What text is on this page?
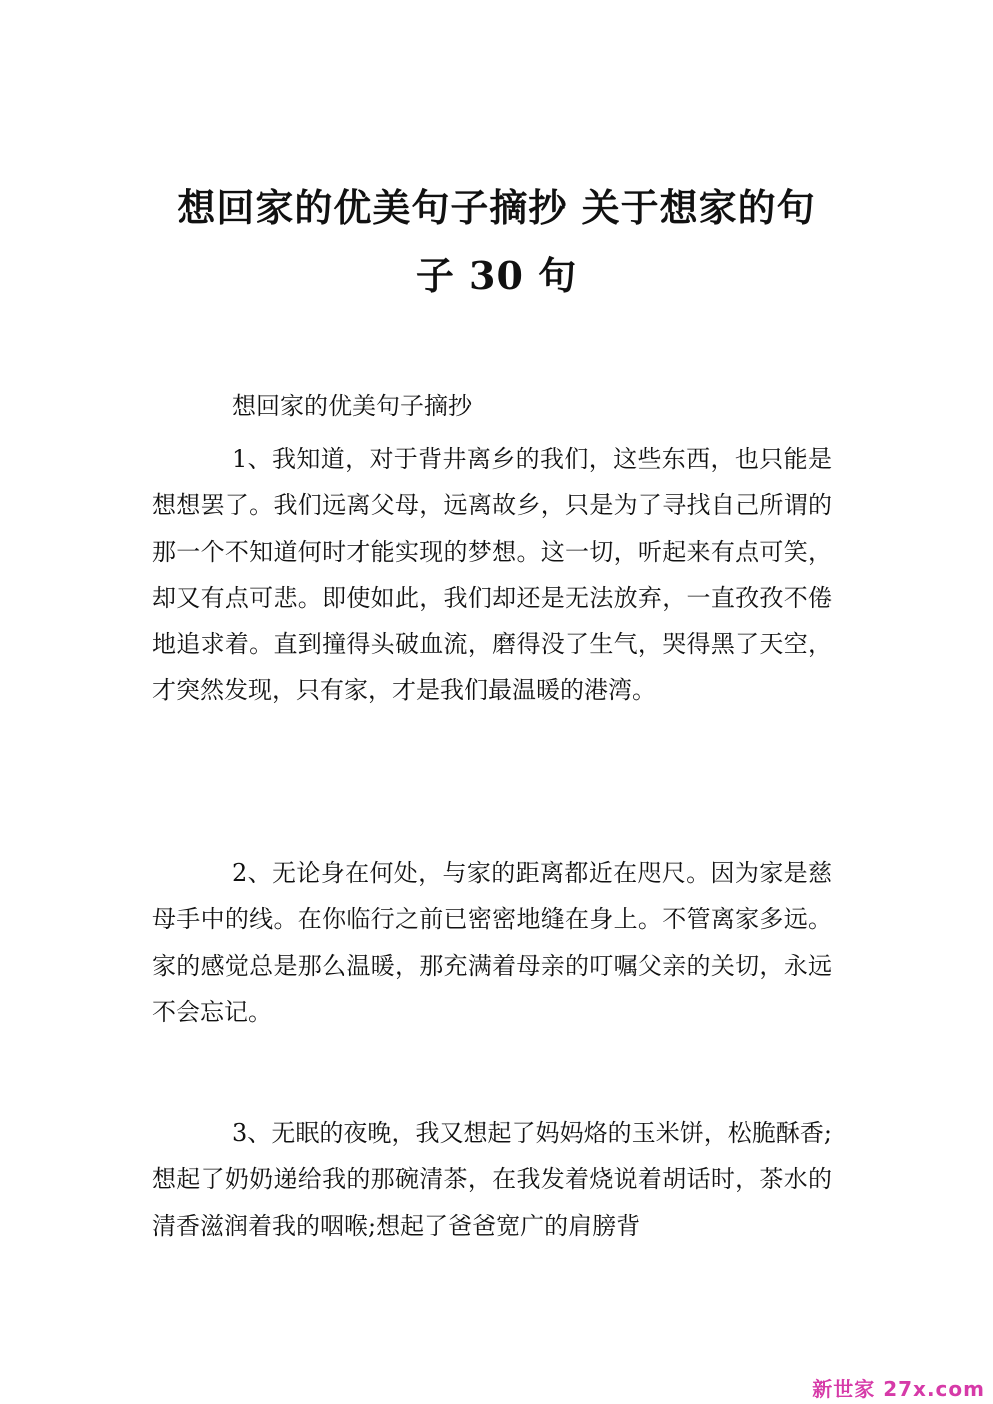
想回家的优美句子摘抄 关于想家的句
子 30 句

想回家的优美句子摘抄

1、我知道，对于背井离乡的我们，这些东西，也只能是想想罢了。我们远离父母，远离故乡，只是为了寻找自己所谓的那一个不知道何时才能实现的梦想。这一切，听起来有点可笑，却又有点可悲。即使如此，我们却还是无法放弃，一直孜孜不倦地追求着。直到撞得头破血流，磨得没了生气，哭得黑了天空，才突然发现，只有家，才是我们最温暖的港湾。

2、无论身在何处，与家的距离都近在咫尺。因为家是慈母手中的线。在你临行之前已密密地缝在身上。不管离家多远。家的感觉总是那么温暖，那充满着母亲的叮嘱父亲的关切，永远不会忘记。

3、无眠的夜晚，我又想起了妈妈烙的玉米饼，松脆酥香;想起了奶奶递给我的那碗清茶，在我发着烧说着胡话时，茶水的清香滋润着我的咽喉;想起了爸爸宽广的肩膀背

新世家 27x.com
